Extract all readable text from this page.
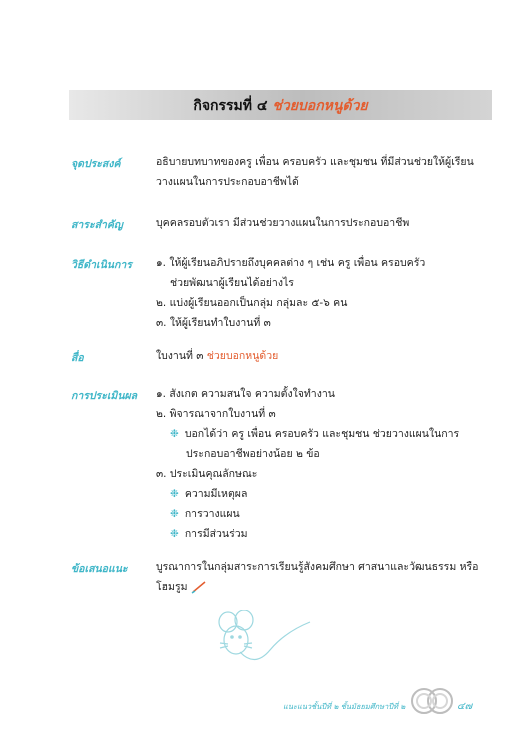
กิจกรรมที่ ๔ ช่วยบอกหนูด้วย
จุดประสงค์	อธิบายบทบาทของครู เพื่อน ครอบครัว และชุมชน ที่มีส่วนช่วยให้ผู้เรียน
วางแผนในการประกอบอาชีพได้
สาระสำคัญ	บุคคลรอบตัวเรา มีส่วนช่วยวางแผนในการประกอบอาชีพ
วิธีดำเนินการ ๑. ให้ผู้เรียนอภิปรายถึงบุคคลต่าง ๆ เช่น ครู เพื่อน ครอบครัว
ช่วยพัฒนาผู้เรียนได้อย่างไร
๒. แบ่งผู้เรียนออกเป็นกลุ่ม กลุ่มละ ๕-๖ คน
๓. ให้ผู้เรียนทำใบงานที่ ๓
สื่อ	ใบงานที่ ๓ ช่วยบอกหนูด้วย
การประเมินผล ๑. สังเกต ความสนใจ ความตั้งใจทำงาน
๒. พิจารณาจากใบงานที่ ๓
❉ บอกได้ว่า ครู เพื่อน ครอบครัว และชุมชน ช่วยวางแผนในการ
ประกอบอาชีพอย่างน้อย ๒ ข้อ
๓. ประเมินคุณลักษณะ
❉ ความมีเหตุผล
❉ การวางแผน
❉ การมีส่วนร่วม
ข้อเสนอแนะ	บูรณาการในกลุ่มสาระการเรียนรู้สังคมศึกษา ศาสนาและวัฒนธรรม หรือ
โฮมรูม
แนะแนวชั้นปีที่ ๒ ชั้นมัธยมศึกษาปีที่ ๒	๔๗
